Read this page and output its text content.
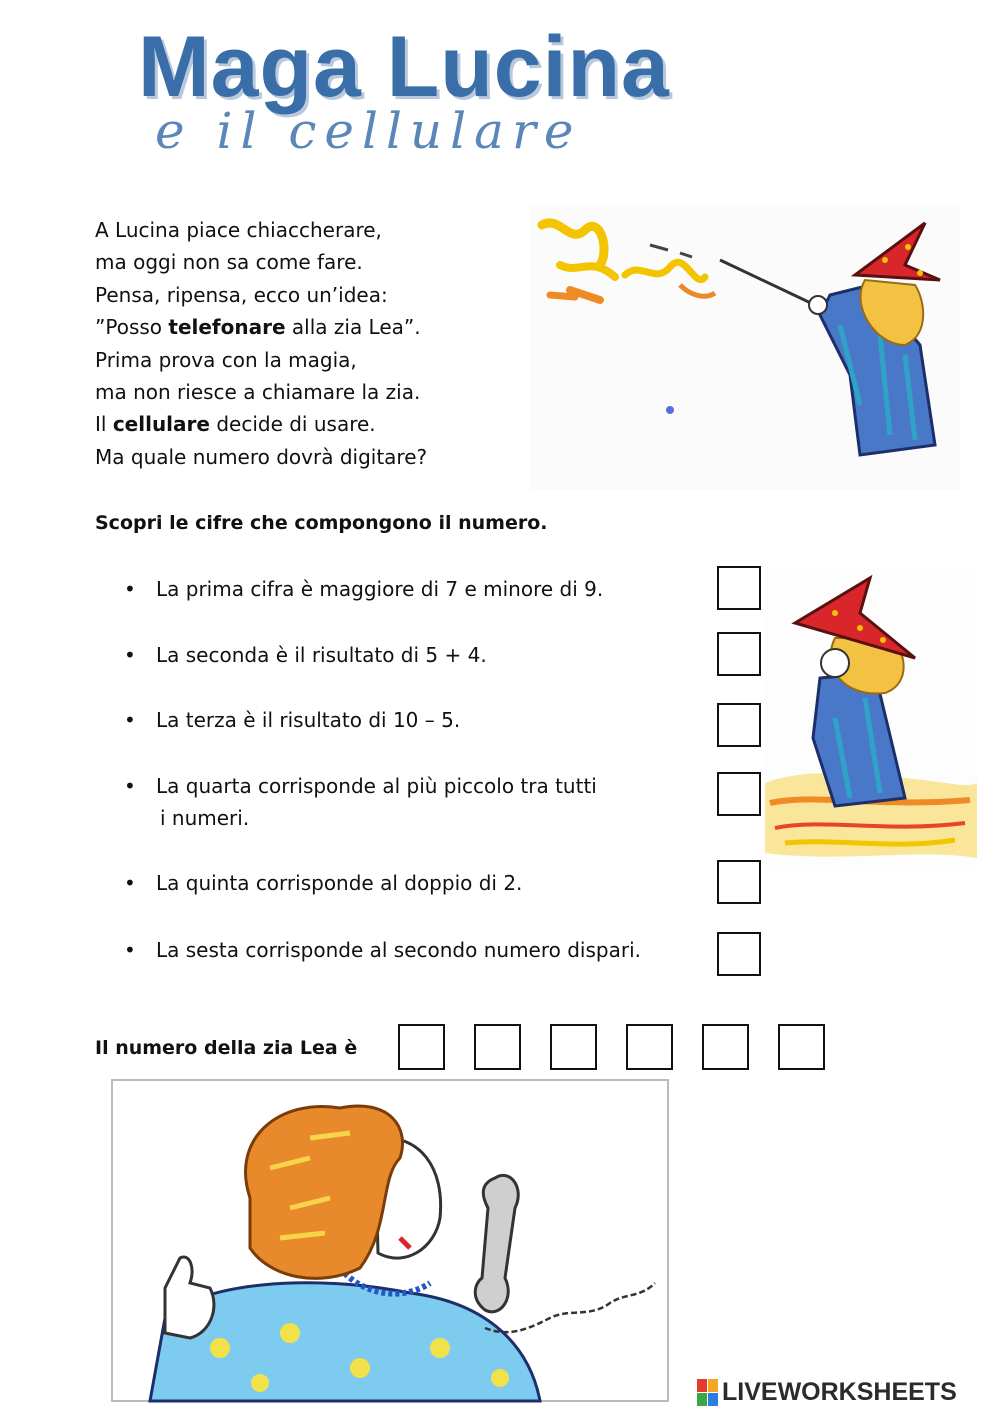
Maga Lucina
e il cellulare
A Lucina piace chiaccherare,
ma oggi non sa come fare.
Pensa, ripensa, ecco un’idea:
”Posso telefonare alla zia Lea”.
Prima prova con la magia,
ma non riesce a chiamare la zia.
Il cellulare decide di usare.
Ma quale numero dovrà digitare?
Scopri le cifre che compongono il numero.
• La prima cifra è maggiore di 7 e minore di 9.
• La seconda è il risultato di 5 + 4.
• La terza è il risultato di 10 – 5.
• La quarta corrisponde al più piccolo tra tutti
i numeri.
• La quinta corrisponde al doppio di 2.
• La sesta corrisponde al secondo numero dispari.
Il numero della zia Lea è
LIVEWORKSHEETS
